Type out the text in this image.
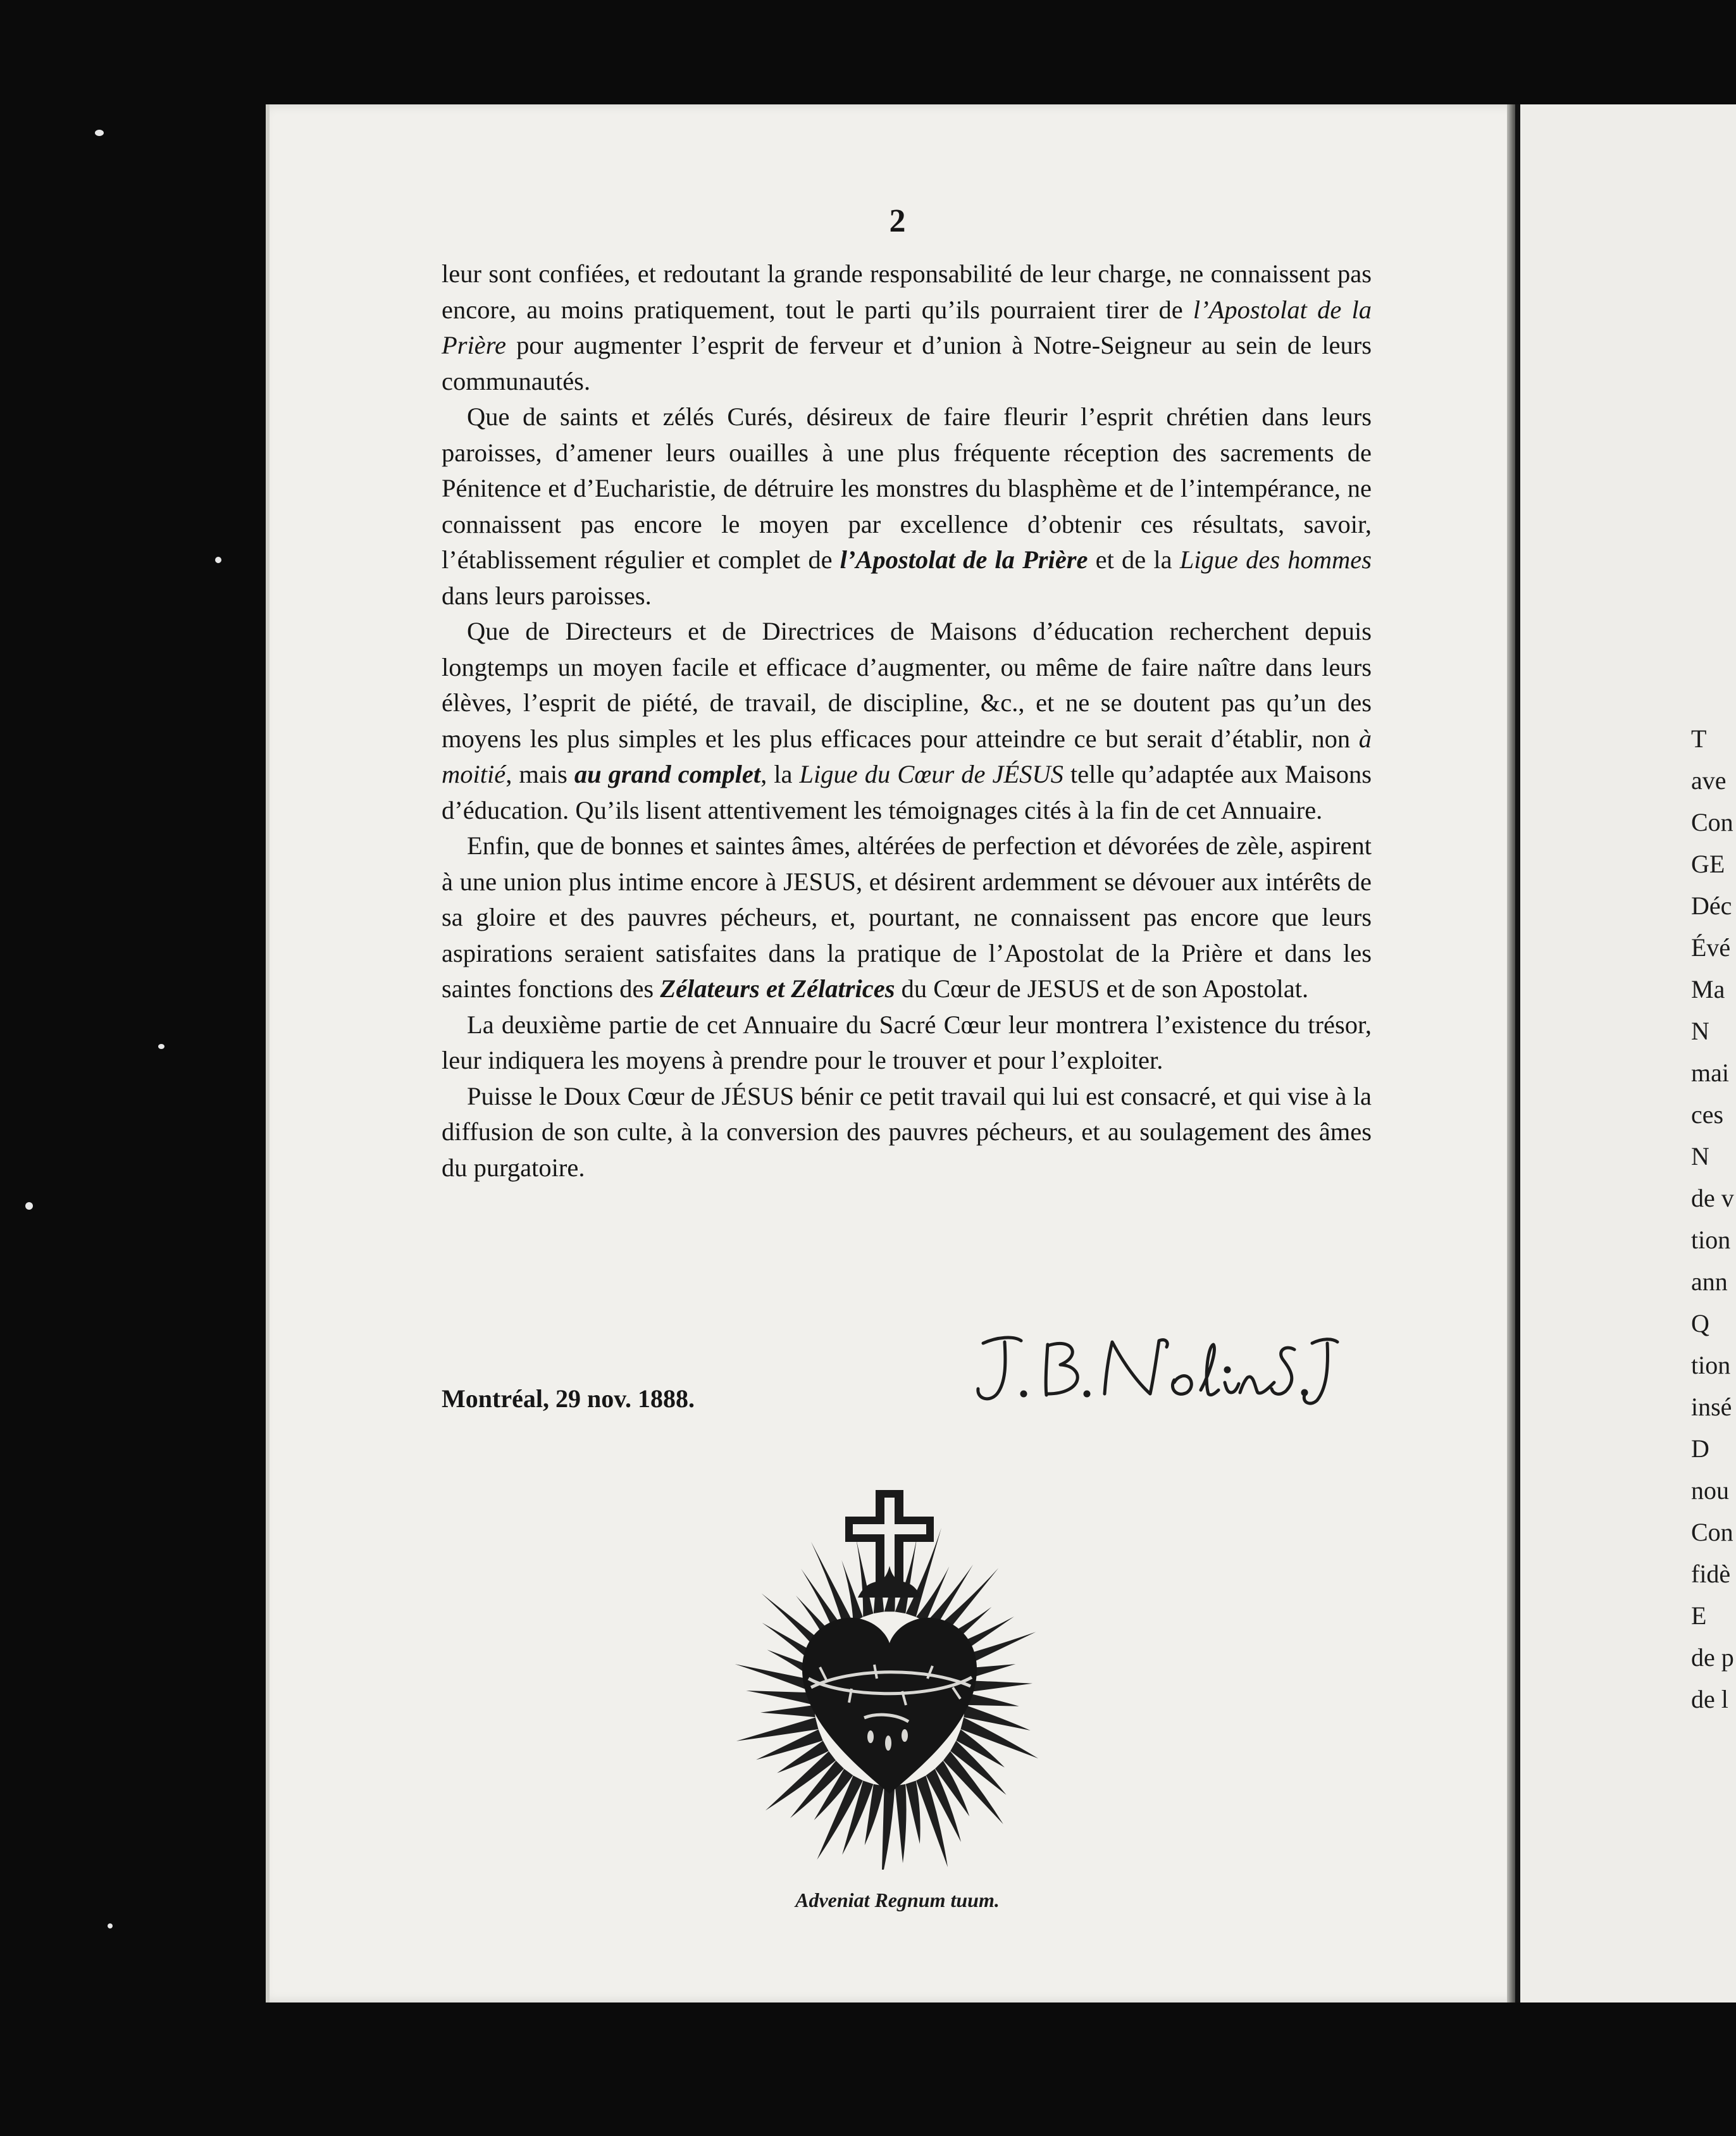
2

leur sont confiées, et redoutant la grande responsabilité de leur charge, ne connaissent pas encore, au moins pratiquement, tout le parti qu’ils pourraient tirer de l’Apostolat de la Prière pour augmenter l’esprit de ferveur et d’union à Notre-Seigneur au sein de leurs communautés.

Que de saints et zélés Curés, désireux de faire fleurir l’esprit chrétien dans leurs paroisses, d’amener leurs ouailles à une plus fréquente réception des sacrements de Pénitence et d’Eucharistie, de détruire les monstres du blasphème et de l’intempérance, ne connaissent pas encore le moyen par excellence d’obtenir ces résultats, savoir, l’établissement régulier et complet de l’Apostolat de la Prière et de la Ligue des hommes dans leurs paroisses.

Que de Directeurs et de Directrices de Maisons d’éducation recherchent depuis longtemps un moyen facile et efficace d’augmenter, ou même de faire naître dans leurs élèves, l’esprit de piété, de travail, de discipline, &c., et ne se doutent pas qu’un des moyens les plus simples et les plus efficaces pour atteindre ce but serait d’établir, non à moitié, mais au grand complet, la Ligue du Cœur de JÉSUS telle qu’adaptée aux Maisons d’éducation. Qu’ils lisent attentivement les témoignages cités à la fin de cet Annuaire.

Enfin, que de bonnes et saintes âmes, altérées de perfection et dévorées de zèle, aspirent à une union plus intime encore à JESUS, et désirent ardemment se dévouer aux intérêts de sa gloire et des pauvres pécheurs, et, pourtant, ne connaissent pas encore que leurs aspirations seraient satisfaites dans la pratique de l’Apostolat de la Prière et dans les saintes fonctions des Zélateurs et Zélatrices du Cœur de JESUS et de son Apostolat.

La deuxième partie de cet Annuaire du Sacré Cœur leur montrera l’existence du trésor, leur indiquera les moyens à prendre pour le trouver et pour l’exploiter.

Puisse le Doux Cœur de JÉSUS bénir ce petit travail qui lui est consacré, et qui vise à la diffusion de son culte, à la conversion des pauvres pécheurs, et au soulagement des âmes du purgatoire.

Montréal, 29 nov. 1888.
Adveniat Regnum tuum.
T
ave
Con
GE
Déc
Évé
Ma
N
mai
ces
N
de v
tion
ann
Q
tion
insé
D
nou
Con
fidè
E
de p
de l
